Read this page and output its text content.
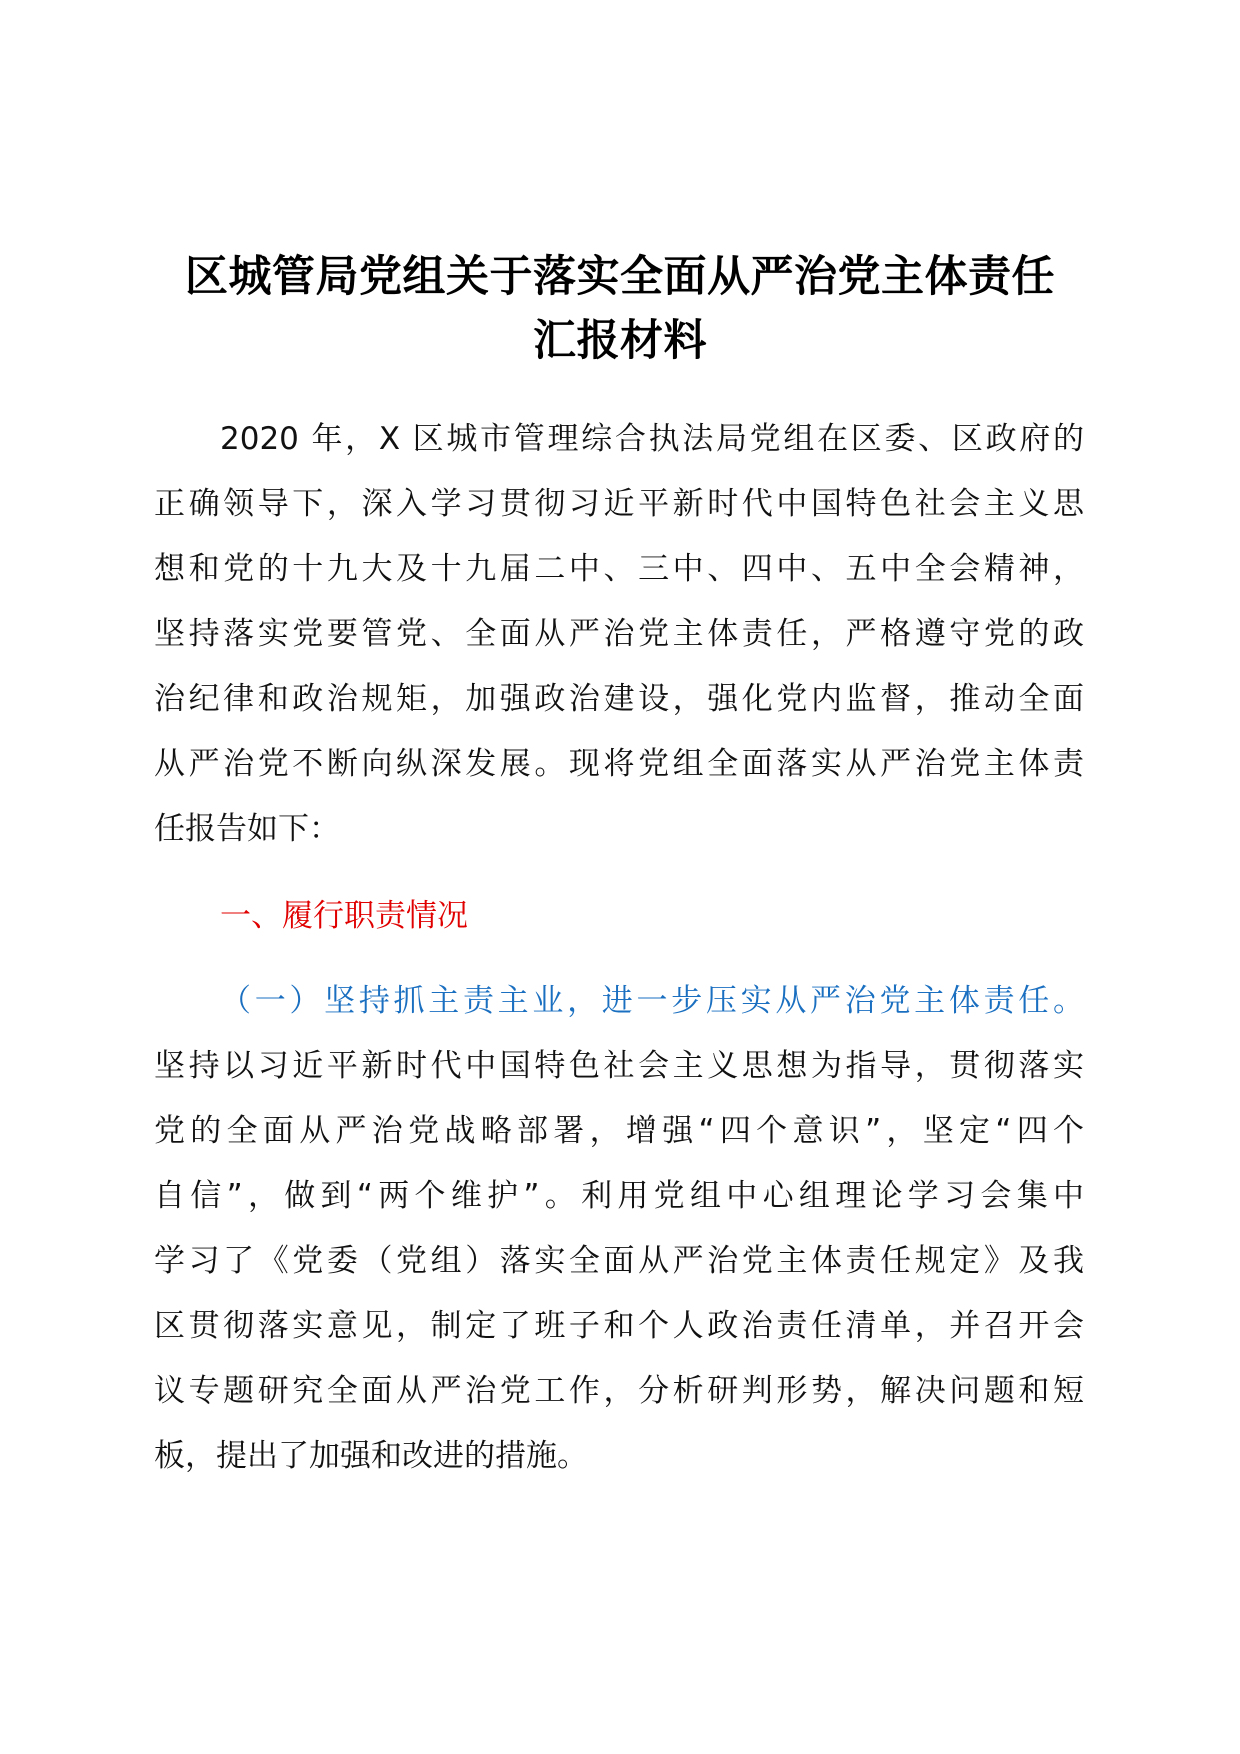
区城管局党组关于落实全面从严治党主体责任
汇报材料
2020 年，X 区城市管理综合执法局党组在区委、区政府的
正确领导下，深入学习贯彻习近平新时代中国特色社会主义思
想和党的十九大及十九届二中、三中、四中、五中全会精神，
坚持落实党要管党、全面从严治党主体责任，严格遵守党的政
治纪律和政治规矩，加强政治建设，强化党内监督，推动全面
从严治党不断向纵深发展。现将党组全面落实从严治党主体责
任报告如下：
一、履行职责情况
（一）坚持抓主责主业，进一步压实从严治党主体责任。
坚持以习近平新时代中国特色社会主义思想为指导，贯彻落实
党的全面从严治党战略部署，增强“四个意识”，坚定“四个
自信”，做到“两个维护”。利用党组中心组理论学习会集中
学习了《党委（党组）落实全面从严治党主体责任规定》及我
区贯彻落实意见，制定了班子和个人政治责任清单，并召开会
议专题研究全面从严治党工作，分析研判形势，解决问题和短
板，提出了加强和改进的措施。
